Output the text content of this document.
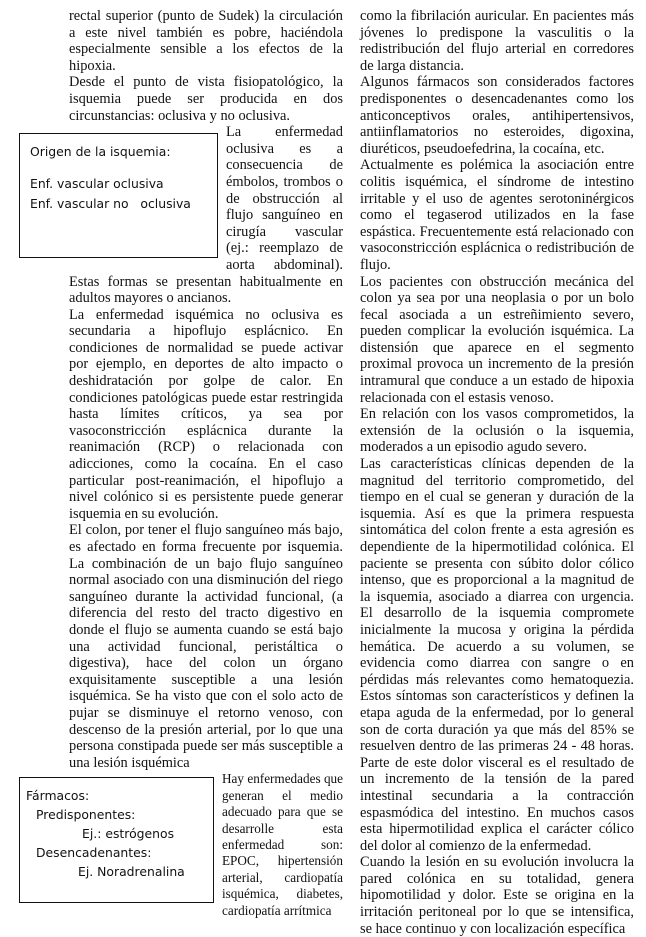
rectal superior (punto de Sudek) la circulación a este nivel también es pobre, haciéndola especialmente sensible a los efectos de la hipoxia.

Desde el punto de vista fisiopatológico, la isquemia puede ser producida en dos circunstancias: oclusiva y no oclusiva.

Origen de la isquemia:
Enf. vascular oclusiva
Enf. vascular no   oclusiva

La enfermedad oclusiva es a consecuencia de émbolos, trombos o de obstrucción al flujo sanguíneo en cirugía vascular (ej.: reemplazo de aorta abdominal). Estas formas se presentan habitualmente en adultos mayores o ancianos.

La enfermedad isquémica no oclusiva es secundaria a hipoflujo esplácnico. En condiciones de normalidad se puede activar por ejemplo, en deportes de alto impacto o deshidratación por golpe de calor. En condiciones patológicas puede estar restringida hasta límites críticos, ya sea por vasoconstricción esplácnica durante la reanimación (RCP) o relacionada con adicciones, como la cocaína. En el caso particular post-reanimación, el hipoflujo a nivel colónico si es persistente puede generar isquemia en su evolución.

El colon, por tener el flujo sanguíneo más bajo, es afectado en forma frecuente por isquemia. La combinación de un bajo flujo sanguíneo normal asociado con una disminución del riego sanguíneo durante la actividad funcional, (a diferencia del resto del tracto digestivo en donde el flujo se aumenta cuando se está bajo una actividad funcional, peristáltica o digestiva), hace del colon un órgano exquisitamente susceptible a una lesión isquémica. Se ha visto que con el solo acto de pujar se disminuye el retorno venoso, con descenso de la presión arterial, por lo que una persona constipada puede ser más susceptible a una lesión isquémica

Fármacos:
Predisponentes:
Ej.: estrógenos
Desencadenantes:
Ej. Noradrenalina

Hay enfermedades que generan el medio adecuado para que se desarrolle esta enfermedad son: EPOC, hipertensión arterial, cardiopatía isquémica, diabetes, cardiopatía arrítmica

como la fibrilación auricular. En pacientes más jóvenes lo predispone la vasculitis o la redistribución del flujo arterial en corredores de larga distancia.

Algunos fármacos son considerados factores predisponentes o desencadenantes como los anticonceptivos orales, antihipertensivos, antiinflamatorios no esteroides, digoxina, diuréticos, pseudoefedrina, la cocaína, etc.

Actualmente es polémica la asociación entre colitis isquémica, el síndrome de intestino irritable y el uso de agentes serotoninérgicos como el tegaserod utilizados en la fase espástica. Frecuentemente está relacionado con vasoconstricción esplácnica o redistribución de flujo.

Los pacientes con obstrucción mecánica del colon ya sea por una neoplasia o por un bolo fecal asociada a un estreñimiento severo, pueden complicar la evolución isquémica. La distensión que aparece en el segmento proximal provoca un incremento de la presión intramural que conduce a un estado de hipoxia relacionada con el estasis venoso.

En relación con los vasos comprometidos, la extensión de la oclusión o la isquemia, moderados a un episodio agudo severo.

Las características clínicas dependen de la magnitud del territorio comprometido, del tiempo en el cual se generan y duración de la isquemia. Así es que la primera respuesta sintomática del colon frente a esta agresión es dependiente de la hipermotilidad colónica. El paciente se presenta con súbito dolor cólico intenso, que es proporcional a la magnitud de la isquemia, asociado a diarrea con urgencia. El desarrollo de la isquemia compromete inicialmente la mucosa y origina la pérdida hemática. De acuerdo a su volumen, se evidencia como diarrea con sangre o en pérdidas más relevantes como hematoquezia. Estos síntomas son característicos y definen la etapa aguda de la enfermedad, por lo general son de corta duración ya que más del 85% se resuelven dentro de las primeras 24 - 48 horas. Parte de este dolor visceral es el resultado de un incremento de la tensión de la pared intestinal secundaria a la contracción espasmódica del intestino. En muchos casos esta hipermotilidad explica el carácter cólico del dolor al comienzo de la enfermedad.

Cuando la lesión en su evolución involucra la pared colónica en su totalidad, genera hipomotilidad y dolor. Este se origina en la irritación peritoneal por lo que se intensifica, se hace continuo y con localización específica
